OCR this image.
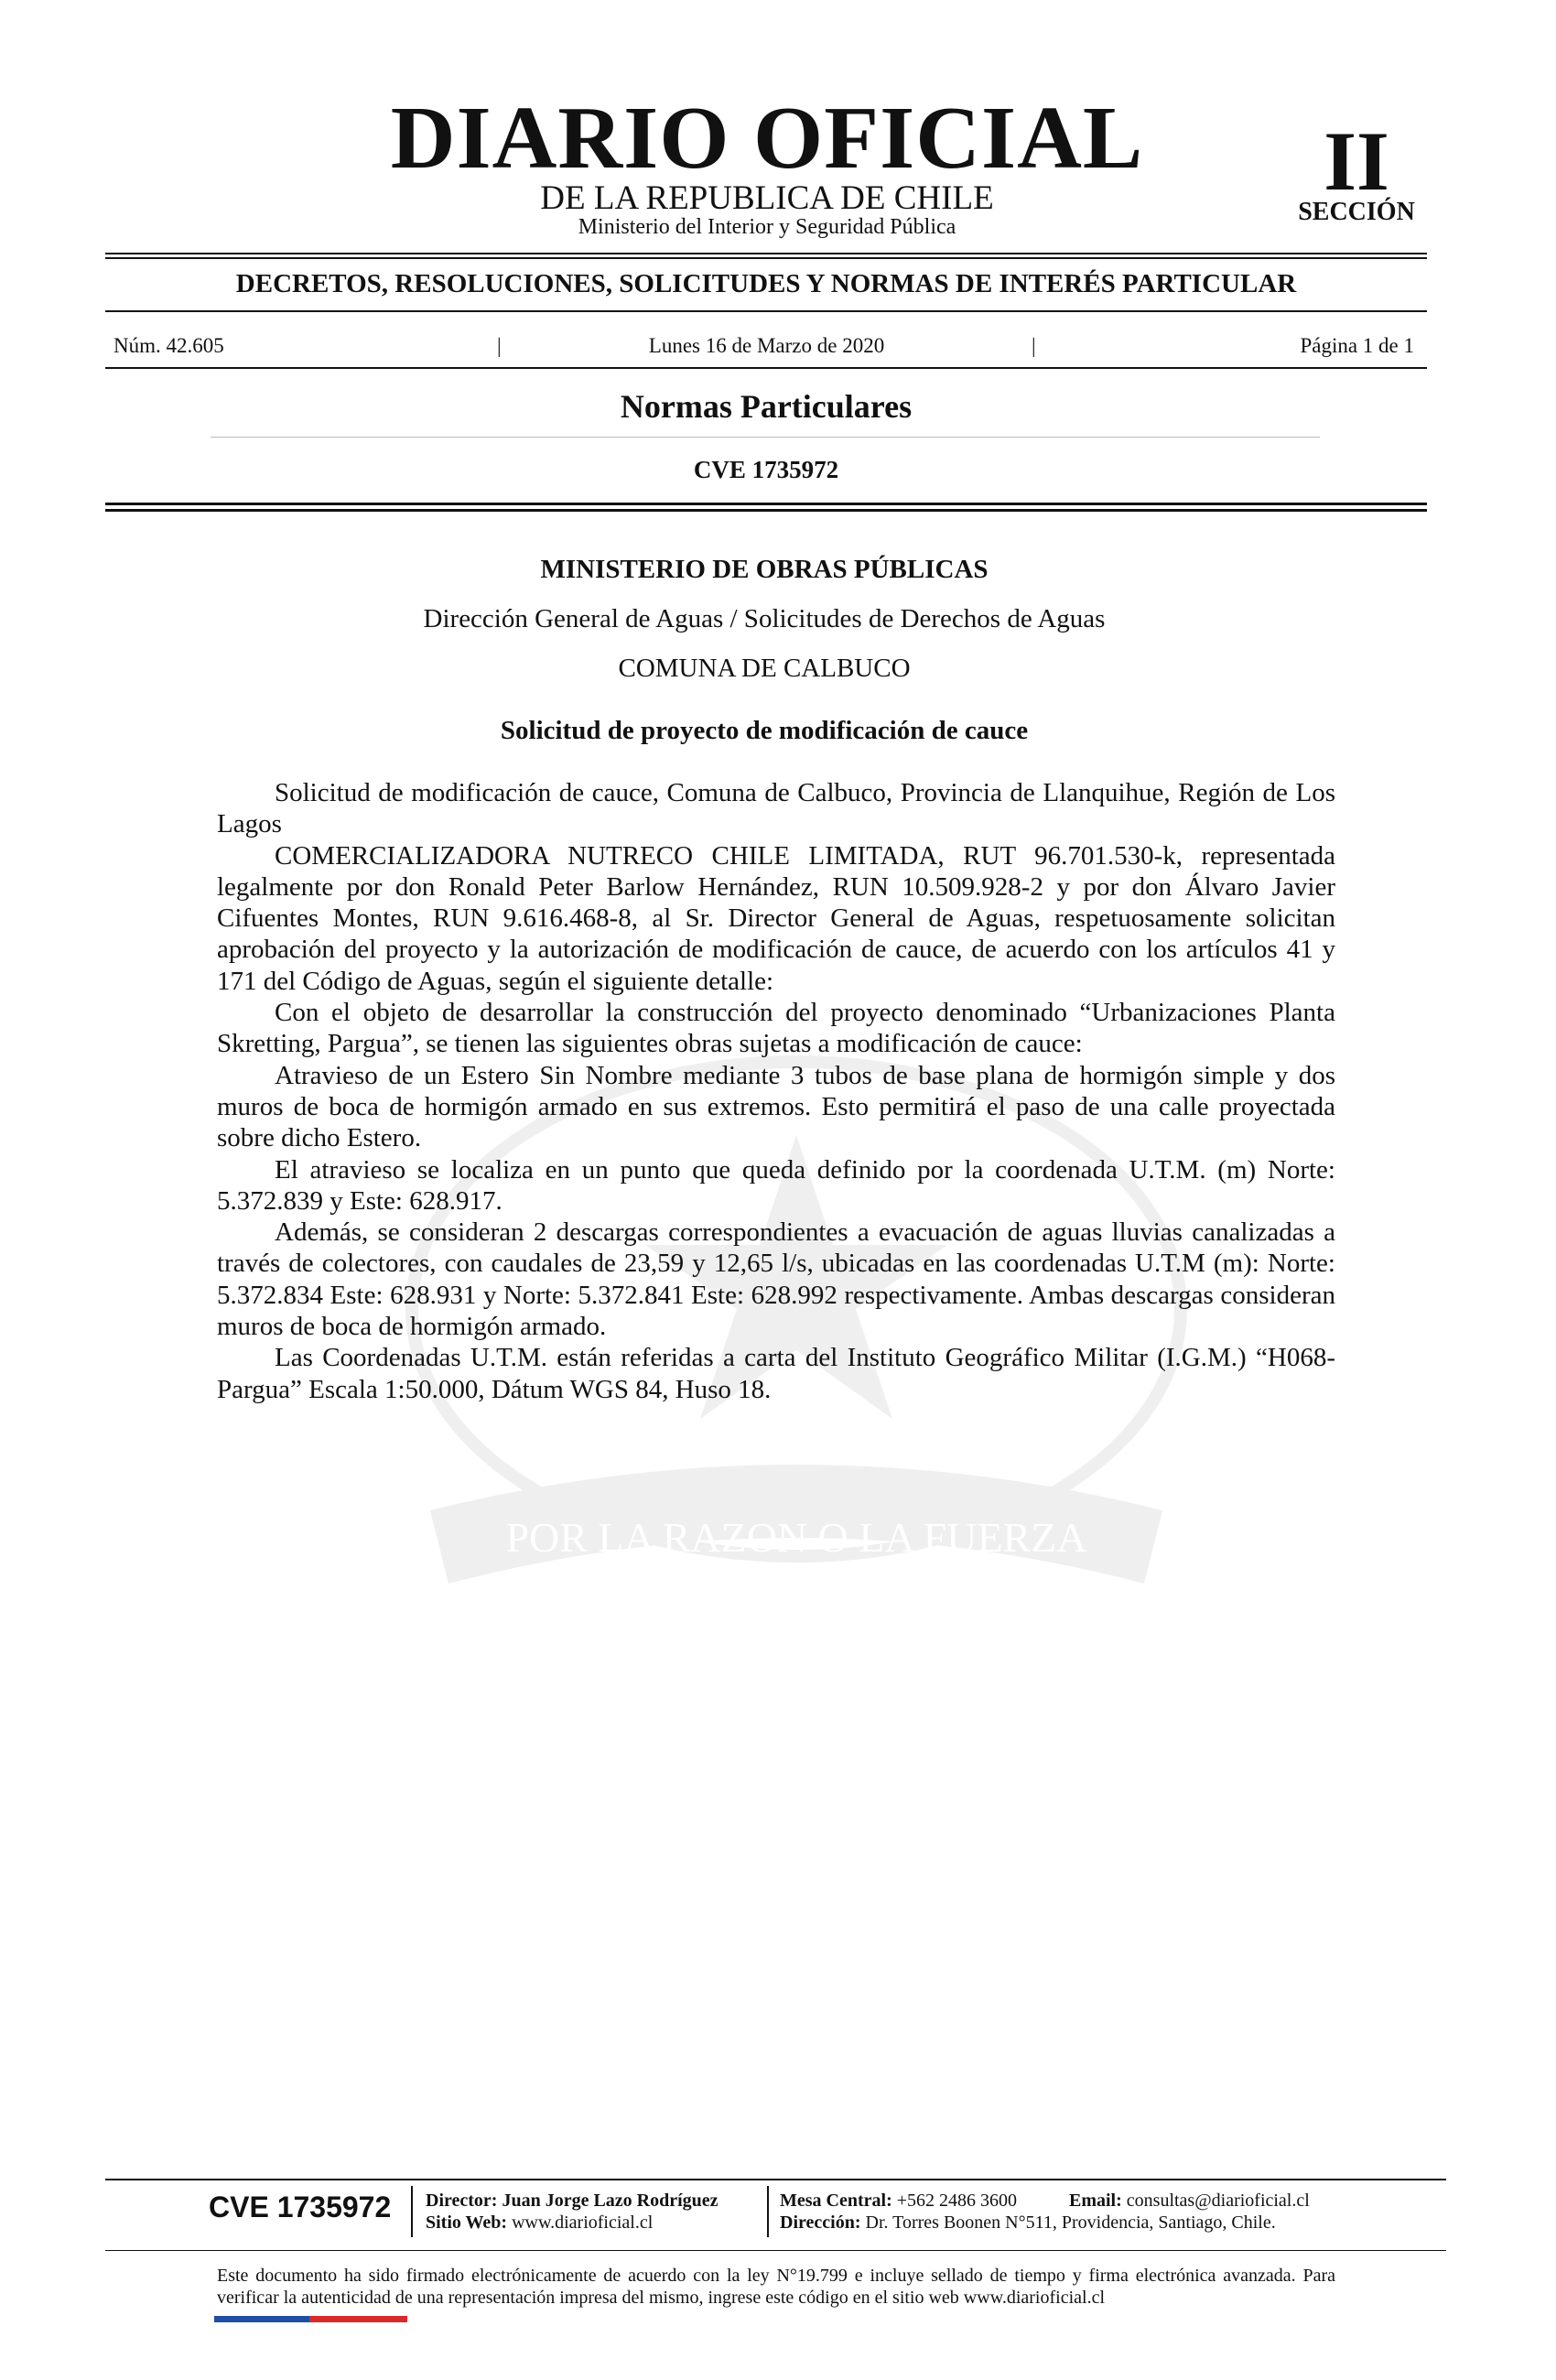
POR LA RAZON O LA FUERZA
DIARIO OFICIAL
DE LA REPUBLICA DE CHILE
Ministerio del Interior y Seguridad Pública
II
SECCIÓN
DECRETOS, RESOLUCIONES, SOLICITUDES Y NORMAS DE INTERÉS PARTICULAR
Núm. 42.605	|	Lunes 16 de Marzo de 2020	|	Página 1 de 1
Normas Particulares
CVE 1735972
MINISTERIO DE OBRAS PÚBLICAS
Dirección General de Aguas / Solicitudes de Derechos de Aguas
COMUNA DE CALBUCO
Solicitud de proyecto de modificación de cauce

Solicitud de modificación de cauce, Comuna de Calbuco, Provincia de Llanquihue, Región de Los Lagos

COMERCIALIZADORA NUTRECO CHILE LIMITADA, RUT 96.701.530-k, representada legalmente por don Ronald Peter Barlow Hernández, RUN 10.509.928-2 y por don Álvaro Javier Cifuentes Montes, RUN 9.616.468-8, al Sr. Director General de Aguas, respetuosamente solicitan aprobación del proyecto y la autorización de modificación de cauce, de acuerdo con los artículos 41 y 171 del Código de Aguas, según el siguiente detalle:

Con el objeto de desarrollar la construcción del proyecto denominado “Urbanizaciones Planta Skretting, Pargua”, se tienen las siguientes obras sujetas a modificación de cauce:

Atravieso de un Estero Sin Nombre mediante 3 tubos de base plana de hormigón simple y dos muros de boca de hormigón armado en sus extremos. Esto permitirá el paso de una calle proyectada sobre dicho Estero.

El atravieso se localiza en un punto que queda definido por la coordenada U.T.M. (m) Norte: 5.372.839 y Este: 628.917.

Además, se consideran 2 descargas correspondientes a evacuación de aguas lluvias canalizadas a través de colectores, con caudales de 23,59 y 12,65 l/s, ubicadas en las coordenadas U.T.M (m): Norte: 5.372.834 Este: 628.931 y Norte: 5.372.841 Este: 628.992 respectivamente. Ambas descargas consideran muros de boca de hormigón armado.

Las Coordenadas U.T.M. están referidas a carta del Instituto Geográfico Militar (I.G.M.) “H068-Pargua” Escala 1:50.000, Dátum WGS 84, Huso 18.

CVE 1735972 Director: Juan Jorge Lazo Rodríguez
Sitio Web: www.diarioficial.cl
Mesa Central: +562 2486 3600	Email: consultas@diarioficial.cl
Dirección: Dr. Torres Boonen N°511, Providencia, Santiago, Chile.
Este documento ha sido firmado electrónicamente de acuerdo con la ley N°19.799 e incluye sellado de tiempo y firma electrónica avanzada. Para verificar la autenticidad de una representación impresa del mismo, ingrese este código en el sitio web www.diarioficial.cl
